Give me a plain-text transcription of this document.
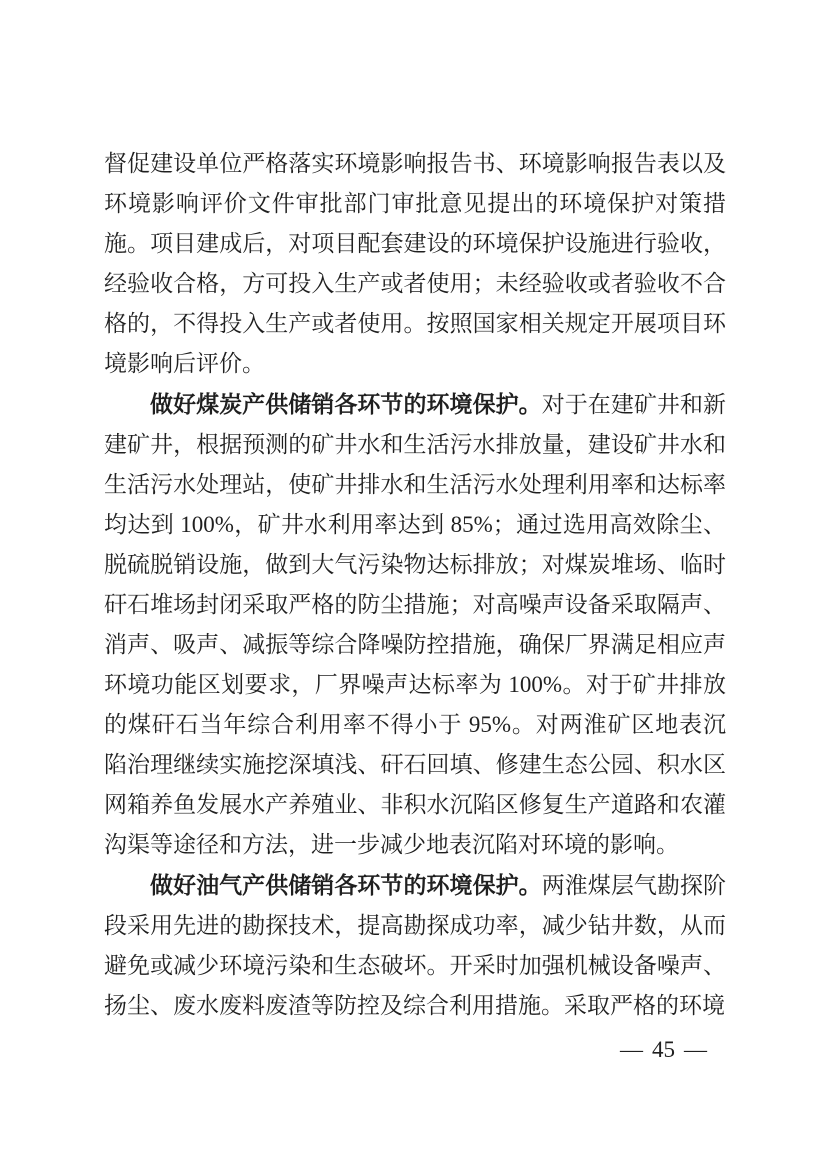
督促建设单位严格落实环境影响报告书、环境影响报告表以及环境影响评价文件审批部门审批意见提出的环境保护对策措施。项目建成后，对项目配套建设的环境保护设施进行验收，经验收合格，方可投入生产或者使用；未经验收或者验收不合格的，不得投入生产或者使用。按照国家相关规定开展项目环境影响后评价。

做好煤炭产供储销各环节的环境保护。对于在建矿井和新建矿井，根据预测的矿井水和生活污水排放量，建设矿井水和生活污水处理站，使矿井排水和生活污水处理利用率和达标率均达到 100%，矿井水利用率达到 85%；通过选用高效除尘、脱硫脱销设施，做到大气污染物达标排放；对煤炭堆场、临时矸石堆场封闭采取严格的防尘措施；对高噪声设备采取隔声、消声、吸声、减振等综合降噪防控措施，确保厂界满足相应声环境功能区划要求，厂界噪声达标率为 100%。对于矿井排放的煤矸石当年综合利用率不得小于 95%。对两淮矿区地表沉陷治理继续实施挖深填浅、矸石回填、修建生态公园、积水区网箱养鱼发展水产养殖业、非积水沉陷区修复生产道路和农灌沟渠等途径和方法，进一步减少地表沉陷对环境的影响。

做好油气产供储销各环节的环境保护。两淮煤层气勘探阶段采用先进的勘探技术，提高勘探成功率，减少钻井数，从而避免或减少环境污染和生态破坏。开采时加强机械设备噪声、扬尘、废水废料废渣等防控及综合利用措施。采取严格的环境

— 45 —
